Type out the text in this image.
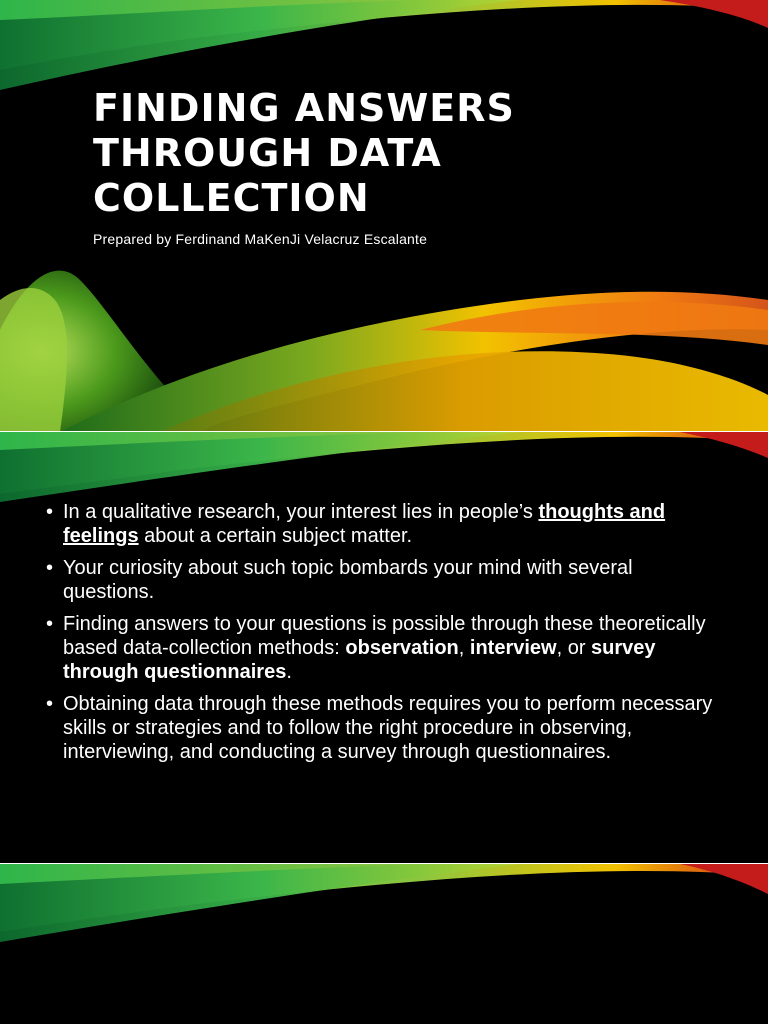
FINDING ANSWERS
THROUGH DATA
COLLECTION
Prepared by Ferdinand MaKenJi Velacruz Escalante
• In a qualitative research, your interest lies in people’s thoughts and feelings about a certain subject matter.
• Your curiosity about such topic bombards your mind with several questions.
• Finding answers to your questions is possible through these theoretically based data-collection methods: observation, interview, or survey through questionnaires.
• Obtaining data through these methods requires you to perform necessary skills or strategies and to follow the right procedure in observing, interviewing, and conducting a survey through questionnaires.
